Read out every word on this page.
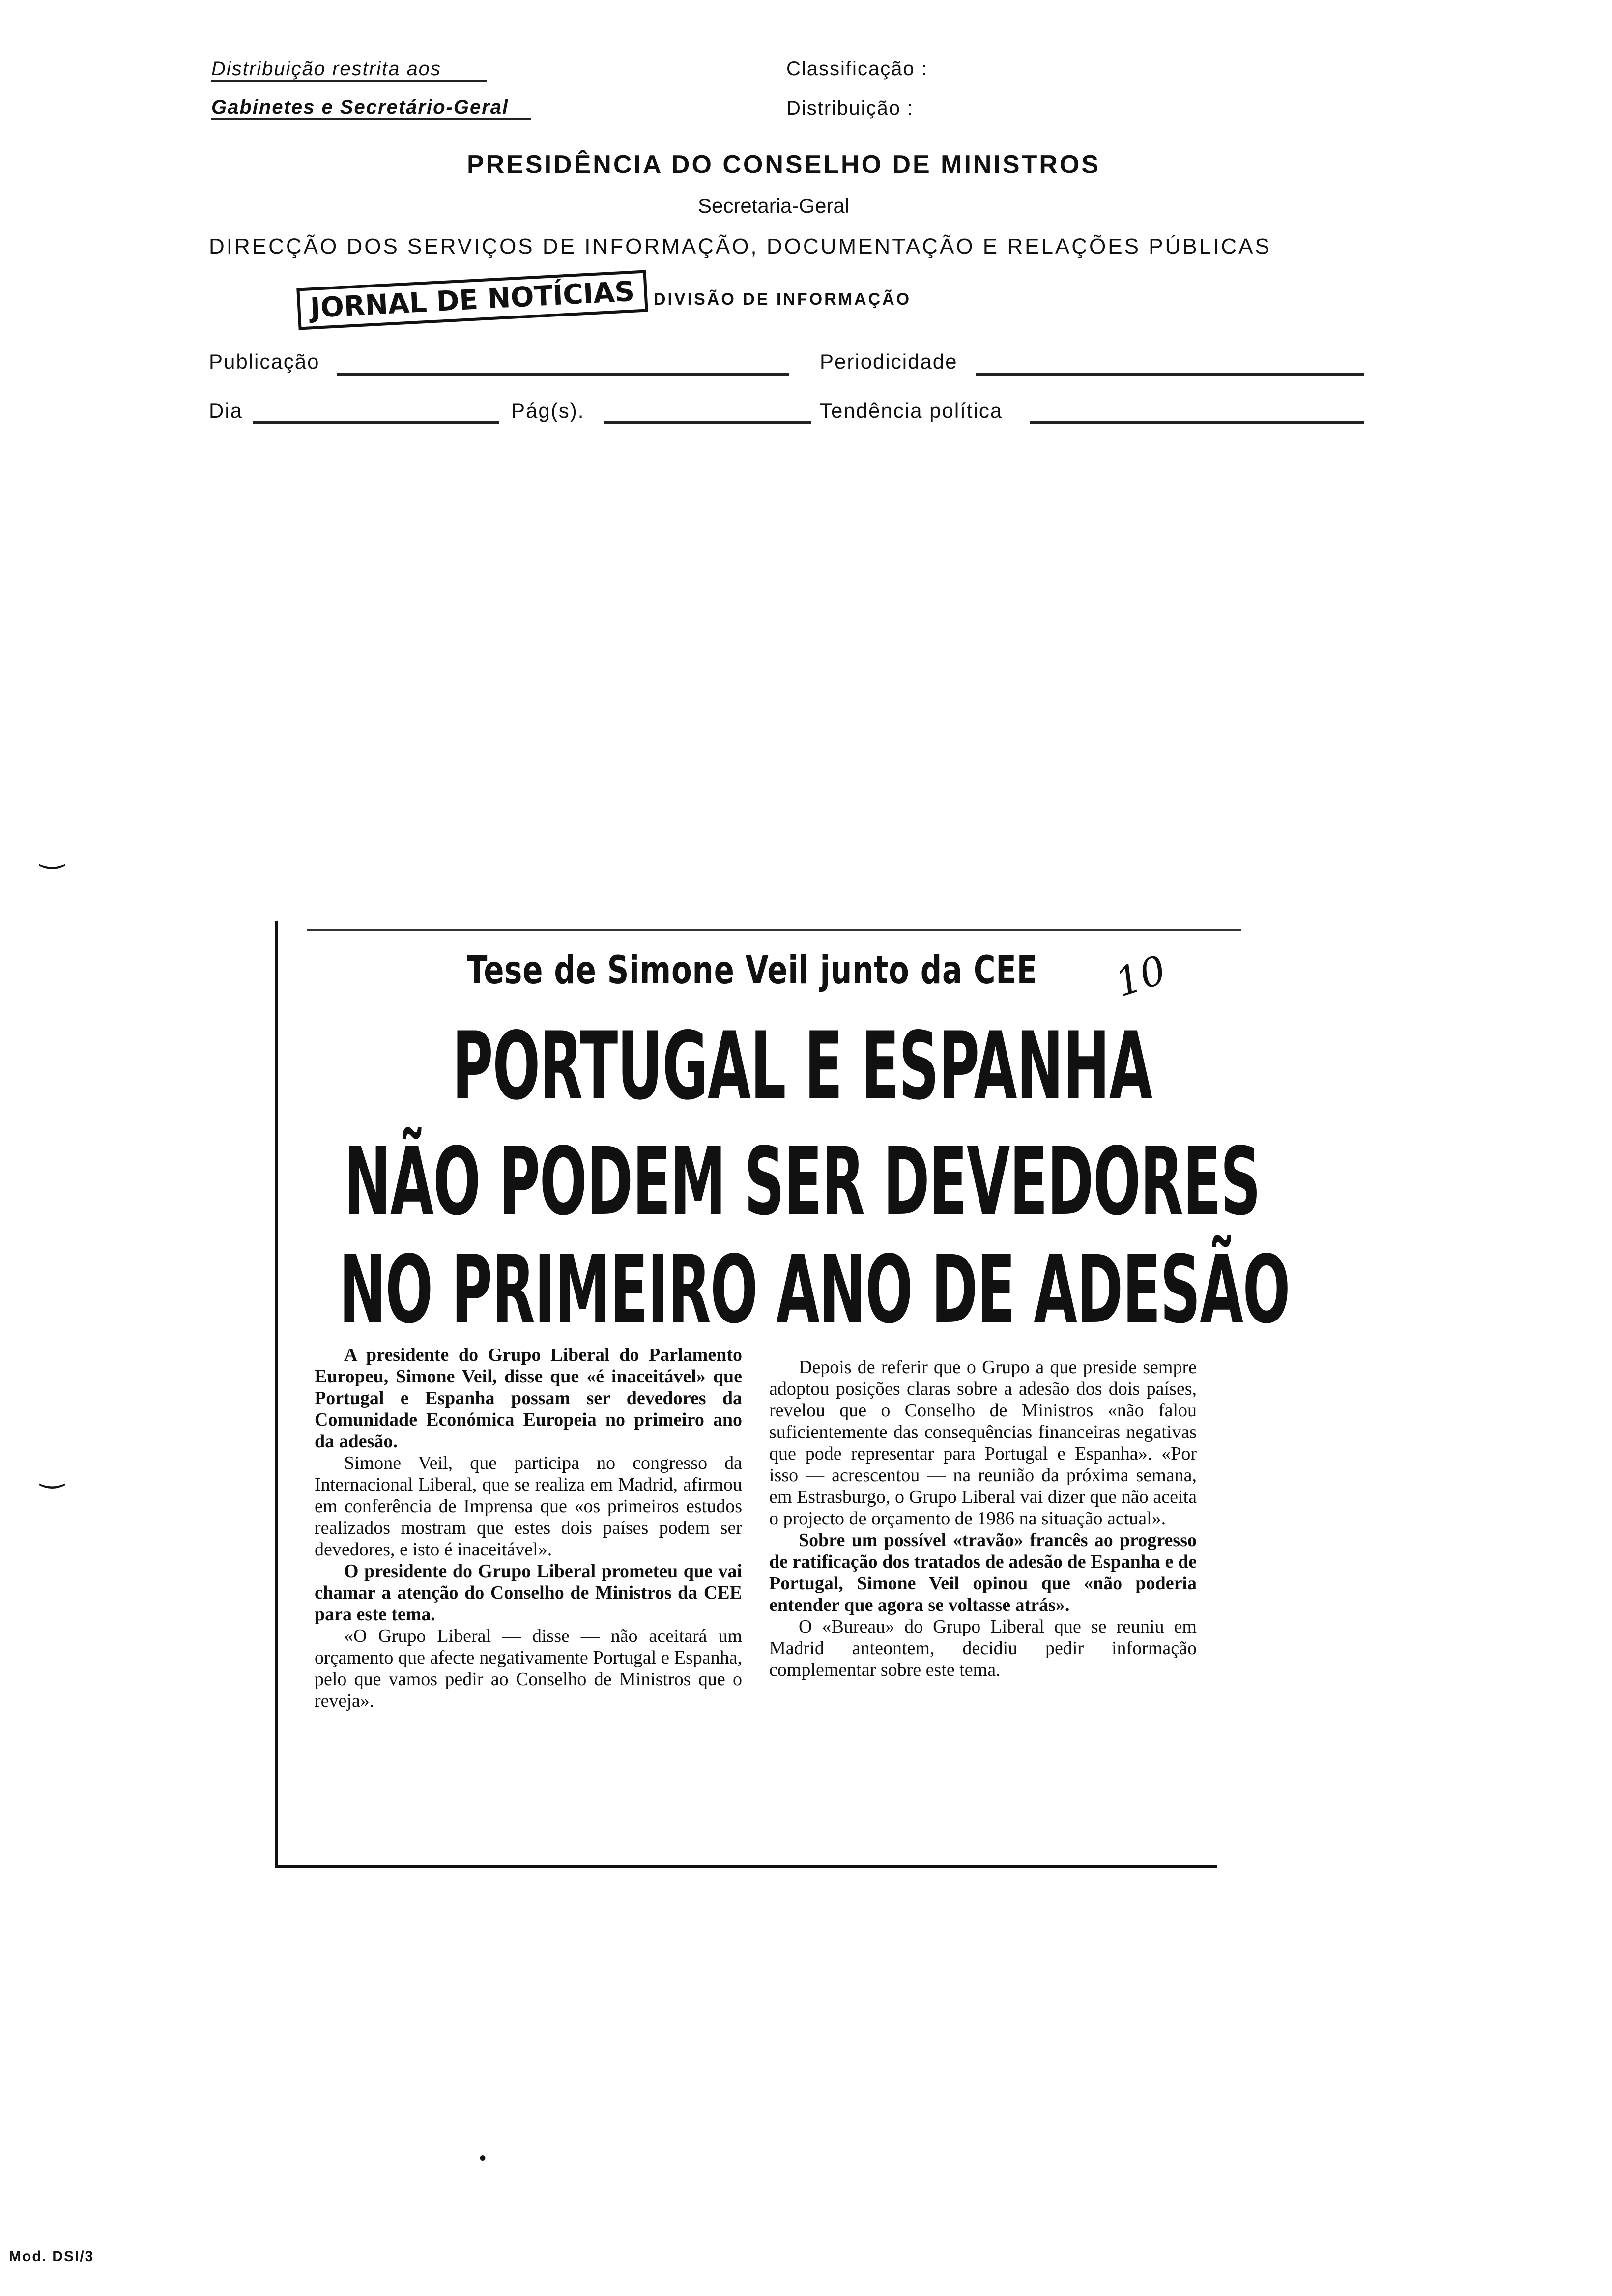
Distribuição restrita aos
Gabinetes e Secretário-Geral
Classificação :
Distribuição :
PRESIDÊNCIA DO CONSELHO DE MINISTROS
Secretaria-Geral
DIRECÇÃO DOS SERVIÇOS DE INFORMAÇÃO, DOCUMENTAÇÃO E RELAÇÕES PÚBLICAS
JORNAL DE NOTÍCIAS	DIVISÃO DE INFORMAÇÃO
Publicação	Periodicidade
Dia	Pág(s).	Tendência política
‿
‿
Tese de Simone Veil junto da CEE 10
PORTUGAL E ESPANHA
NÃO PODEM SER DEVEDORES
NO PRIMEIRO ANO DE ADESÃO

A presidente do Grupo Liberal do Parlamento Europeu, Simone Veil, disse que «é inaceitável» que Portugal e Espanha possam ser devedores da Comunidade Económica Europeia no primeiro ano da adesão.

Simone Veil, que participa no congresso da Internacional Liberal, que se realiza em Madrid, afirmou em conferência de Imprensa que «os primeiros estudos realizados mostram que estes dois países podem ser devedores, e isto é inaceitável».

O presidente do Grupo Liberal prometeu que vai chamar a atenção do Conselho de Ministros da CEE para este tema.

«O Grupo Liberal — disse — não aceitará um orçamento que afecte negativamente Portugal e Espanha, pelo que vamos pedir ao Conselho de Ministros que o reveja».

Depois de referir que o Grupo a que preside sempre adoptou posições claras sobre a adesão dos dois países, revelou que o Conselho de Ministros «não falou suficientemente das consequências financeiras negativas que pode representar para Portugal e Espanha». «Por isso — acrescentou — na reunião da próxima semana, em Estrasburgo, o Grupo Liberal vai dizer que não aceita o projecto de orçamento de 1986 na situação actual».

Sobre um possível «travão» francês ao progresso de ratificação dos tratados de adesão de Espanha e de Portugal, Simone Veil opinou que «não poderia entender que agora se voltasse atrás».

O «Bureau» do Grupo Liberal que se reuniu em Madrid anteontem, decidiu pedir informação complementar sobre este tema.

•
Mod. DSI/3
